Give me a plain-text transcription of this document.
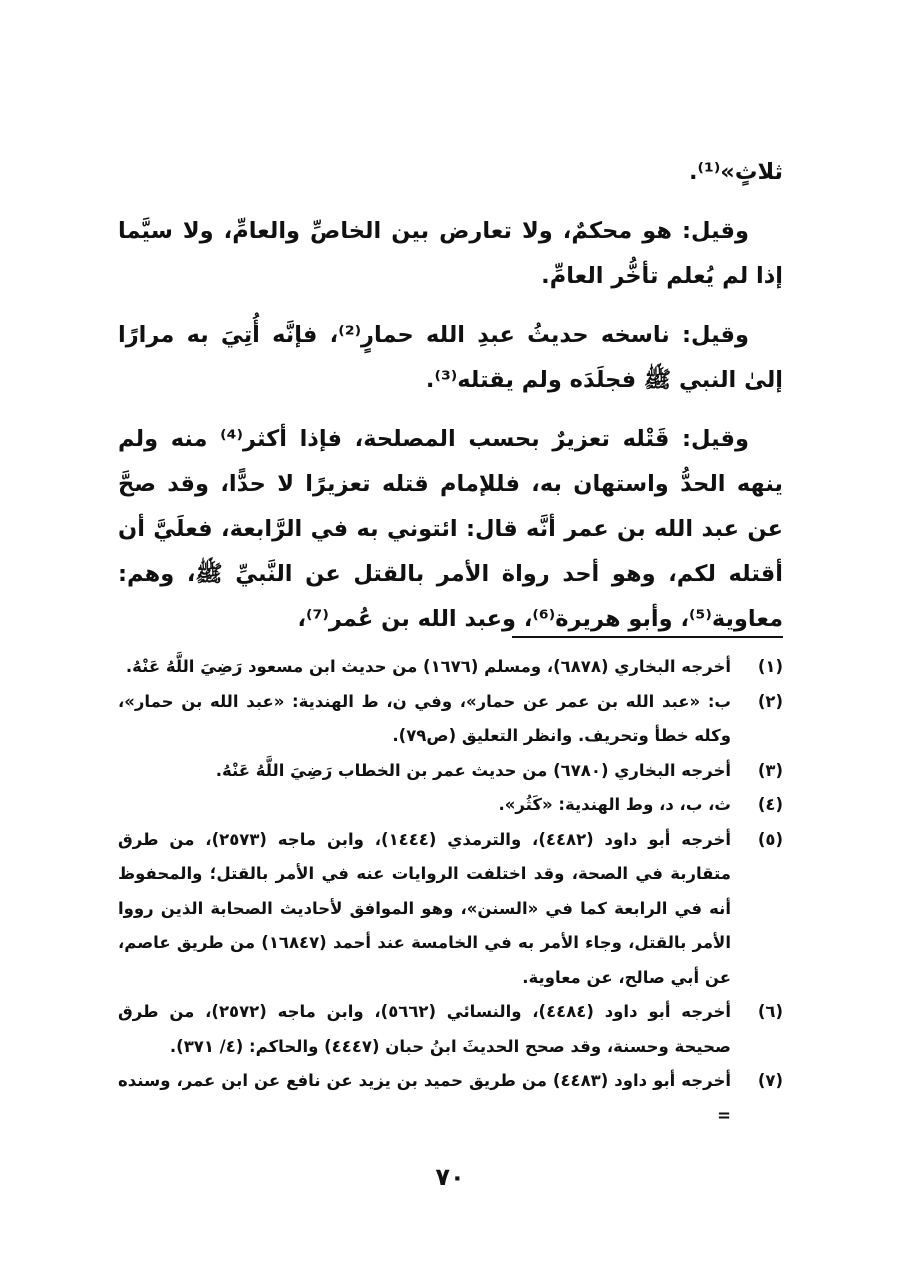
ثلاثٍ»⁽¹⁾.

وقيل: هو محكمٌ، ولا تعارض بين الخاصِّ والعامِّ، ولا سيَّما إذا لم يُعلم تأخُّر العامِّ.

وقيل: ناسخه حديثُ عبدِ الله حمارٍ⁽²⁾، فإنَّه أُتِيَ به مرارًا إلىٰ النبي ﷺ فجلَدَه ولم يقتله⁽³⁾.

وقيل: قَتْله تعزيرٌ بحسب المصلحة، فإذا أكثر⁽⁴⁾ منه ولم ينهه الحدُّ واستهان به، فللإمام قتله تعزيرًا لا حدًّا، وقد صحَّ عن عبد الله بن عمر أنَّه قال: ائتوني به في الرَّابعة، فعلَيَّ أن أقتله لكم، وهو أحد رواة الأمر بالقتل عن النَّبيِّ ﷺ، وهم: معاوية⁽⁵⁾، وأبو هريرة⁽⁶⁾، وعبد الله بن عُمر⁽⁷⁾،

(١)
أخرجه البخاري (٦٨٧٨)، ومسلم (١٦٧٦) من حديث ابن مسعود رَضِيَ اللَّهُ عَنْهُ.
(٢)
ب: «عبد الله بن عمر عن حمار»، وفي ن، ط الهندية: «عبد الله بن حمار»، وكله خطأ وتحريف. وانظر التعليق (ص٧٩).
(٣)
أخرجه البخاري (٦٧٨٠) من حديث عمر بن الخطاب رَضِيَ اللَّهُ عَنْهُ.
(٤)
ث، ب، د، وط الهندية: «كَثُر».
(٥)
أخرجه أبو داود (٤٤٨٢)، والترمذي (١٤٤٤)، وابن ماجه (٢٥٧٣)، من طرق متقاربة في الصحة، وقد اختلفت الروايات عنه في الأمر بالقتل؛ والمحفوظ أنه في الرابعة كما في «السنن»، وهو الموافق لأحاديث الصحابة الذين رووا الأمر بالقتل، وجاء الأمر به في الخامسة عند أحمد (١٦٨٤٧) من طريق عاصم، عن أبي صالح، عن معاوية.
(٦)
أخرجه أبو داود (٤٤٨٤)، والنسائي (٥٦٦٢)، وابن ماجه (٢٥٧٢)، من طرق صحيحة وحسنة، وقد صحح الحديثَ ابنُ حبان (٤٤٤٧) والحاكم: (٤/ ٣٧١).
(٧)
أخرجه أبو داود (٤٤٨٣) من طريق حميد بن يزيد عن نافع عن ابن عمر، وسنده =
٧٠
